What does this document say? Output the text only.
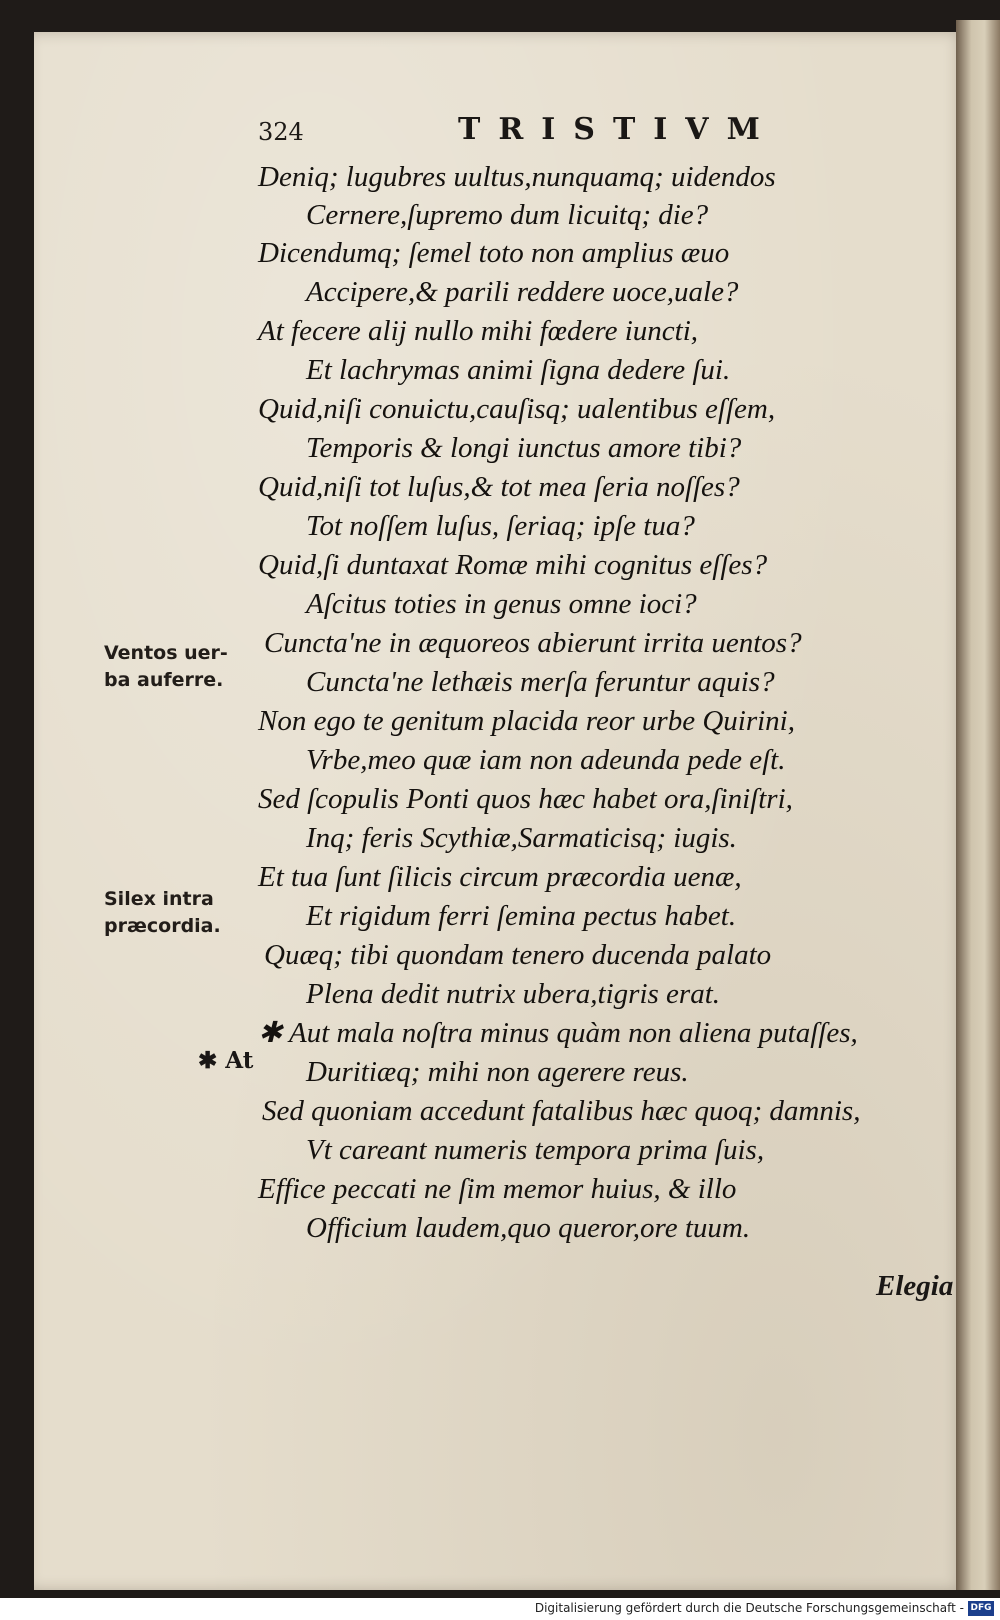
324	TRISTIVM
Deniq; lugubres uultus,nunquamq; uidendos
Cernere,ſupremo dum licuitq; die?
Dicendumq; ſemel toto non amplius æuo
Accipere,& parili reddere uoce,uale?
At fecere alij nullo mihi fœdere iuncti,
Et lachrymas animi ſigna dedere ſui.
Quid,niſi conuictu,cauſisq; ualentibus eſſem,
Temporis & longi iunctus amore tibi?
Quid,niſi tot luſus,& tot mea ſeria noſſes?
Tot noſſem luſus, ſeriaq; ipſe tua?
Quid,ſi duntaxat Romæ mihi cognitus eſſes?
Aſcitus toties in genus omne ioci?
Cuncta'ne in æquoreos abierunt irrita uentos?
Cuncta'ne lethæis merſa feruntur aquis?
Non ego te genitum placida reor urbe Quirini,
Vrbe,meo quæ iam non adeunda pede eſt.
Sed ſcopulis Ponti quos hæc habet ora,ſiniſtri,
Inq; feris Scythiæ,Sarmaticisq; iugis.
Et tua ſunt ſilicis circum præcordia uenæ,
Et rigidum ferri ſemina pectus habet.
Quæq; tibi quondam tenero ducenda palato
Plena dedit nutrix ubera,tigris erat.
✱ Aut mala noſtra minus quàm non aliena putaſſes,
Duritiæq; mihi non agerere reus.
Sed quoniam accedunt fatalibus hæc quoq; damnis,
Vt careant numeris tempora prima ſuis,
Effice peccati ne ſim memor huius, & illo
Officium laudem,quo queror,ore tuum.
Ventos uer-
ba auferre.
Silex intra
præcordia.
✱ At
Elegia
Digitalisierung gefördert durch die Deutsche Forschungsgemeinschaft - DFG
